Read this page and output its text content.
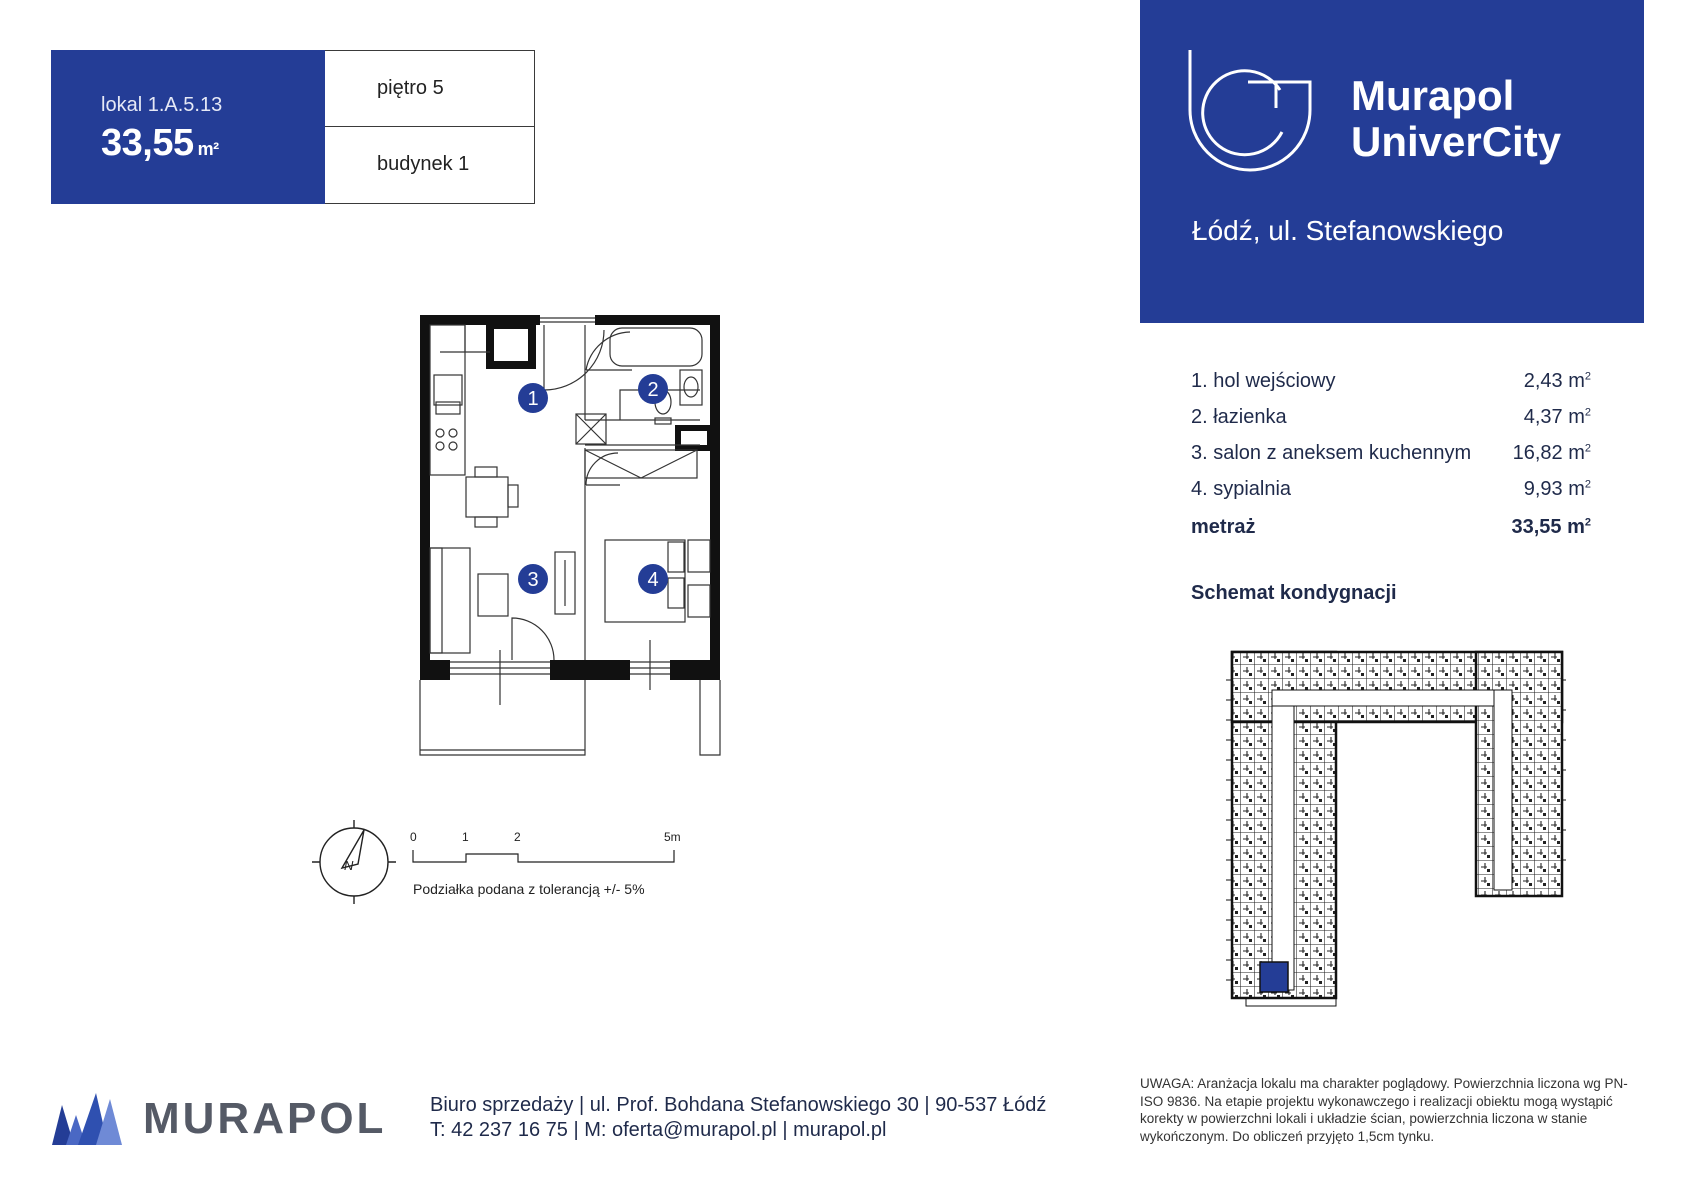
lokal 1.A.5.13
33,55 m²
piętro 5
budynek 1
Murapol
UniverCity
Łódź, ul. Stefanowskiego
1. hol wejściowy	2,43 $m^2$
2. łazienka	4,37 $m^2$
3. salon z aneksem kuchennym 16,82 $m^2$
4. sypialnia	9,93 $m^2$
metraż	33,55 $m^2$
Schemat kondygnacji
1	2
3	4
N
0	1	2	5m
Podziałka podana z tolerancją +/- 5%
MURAPOL Biuro sprzedaży | ul. Prof. Bohdana Stefanowskiego 30 | 90-537 Łódź
T: 42 237 16 75 | M: oferta@murapol.pl | murapol.pl
UWAGA: Aranżacja lokalu ma charakter poglądowy. Powierzchnia liczona wg PN-ISO 9836. Na etapie projektu wykonawczego i realizacji obiektu mogą wystąpić korekty w powierzchni lokali i układzie ścian, powierzchnia liczona w stanie wykończonym. Do obliczeń przyjęto 1,5cm tynku.
